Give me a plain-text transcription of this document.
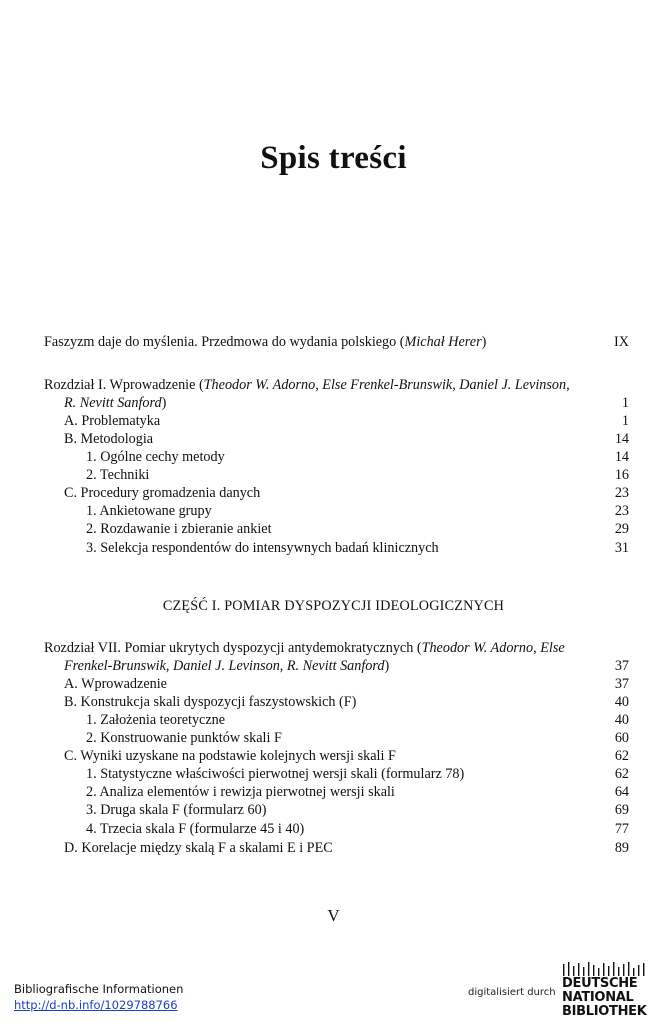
Spis treści
Faszyzm daje do myślenia. Przedmowa do wydania polskiego (Michał Herer)	IX
Rozdział I. Wprowadzenie (Theodor W. Adorno, Else Frenkel-Brunswik, Daniel J. Levinson,
R. Nevitt Sanford)	1
A. Problematyka	1
B. Metodologia	14
1. Ogólne cechy metody	14
2. Techniki	16
C. Procedury gromadzenia danych	23
1. Ankietowane grupy	23
2. Rozdawanie i zbieranie ankiet	29
3. Selekcja respondentów do intensywnych badań klinicznych	31
CZĘŚĆ I. POMIAR DYSPOZYCJI IDEOLOGICZNYCH
Rozdział VII. Pomiar ukrytych dyspozycji antydemokratycznych (Theodor W. Adorno, Else
Frenkel-Brunswik, Daniel J. Levinson, R. Nevitt Sanford)	37
A. Wprowadzenie	37
B. Konstrukcja skali dyspozycji faszystowskich (F)	40
1. Założenia teoretyczne	40
2. Konstruowanie punktów skali F	60
C. Wyniki uzyskane na podstawie kolejnych wersji skali F	62
1. Statystyczne właściwości pierwotnej wersji skali (formularz 78)	62
2. Analiza elementów i rewizja pierwotnej wersji skali	64
3. Druga skala F (formularz 60)	69
4. Trzecia skala F (formularze 45 i 40)	77
D. Korelacje między skalą F a skalami E i PEC	89
V
Bibliografische Informationen
http://d-nb.info/1029788766
digitalisiert durch
DEUTSCHE
NATIONAL
BIBLIOTHEK
